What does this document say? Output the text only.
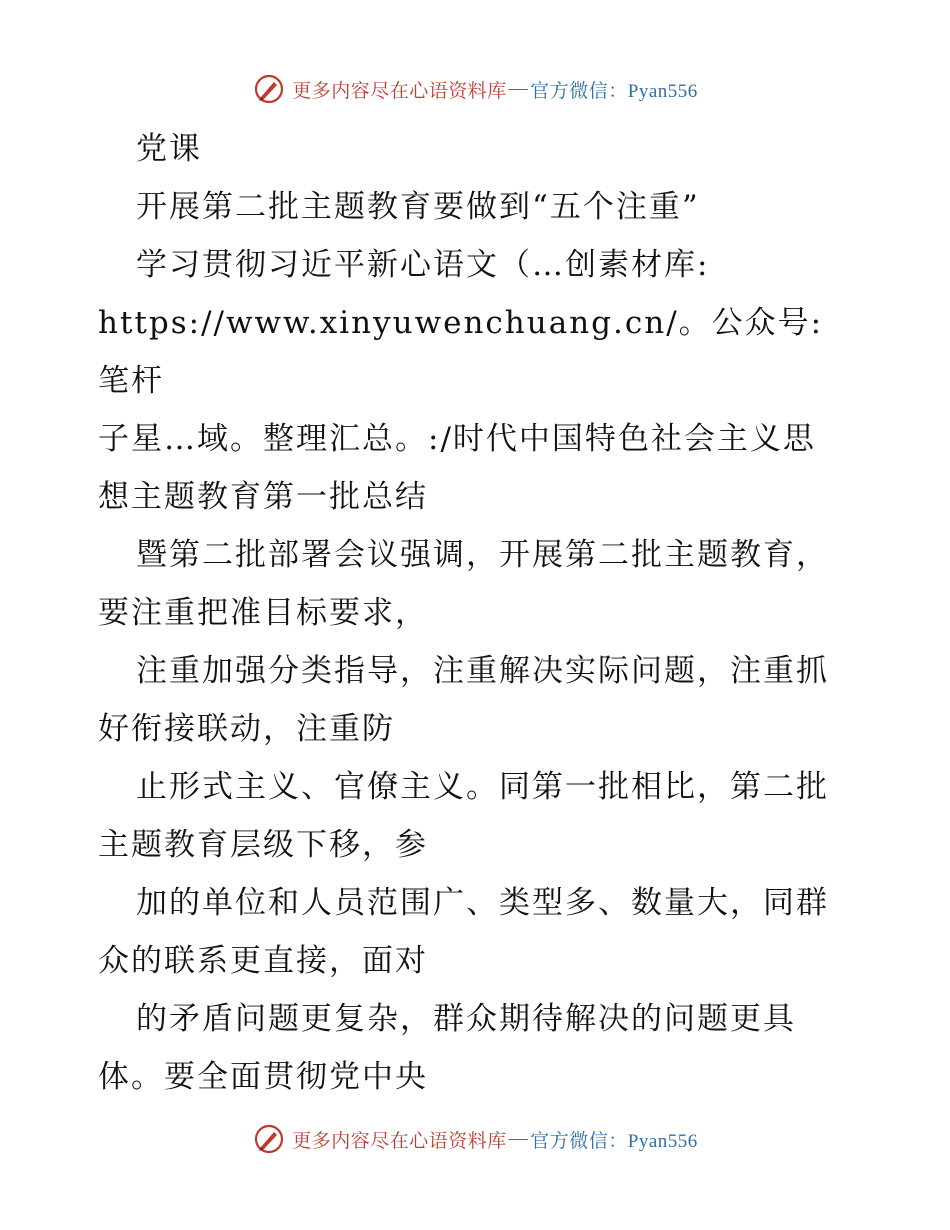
更多内容尽在心语资料库 — 官方微信：Pyan556

党课

开展第二批主题教育要做到“五个注重”

学习贯彻习近平新心语文（…创素材库:

https://www.xinyuwenchuang.cn/。公众号: 笔杆

子星…域。整理汇总。:/时代中国特色社会主义思

想主题教育第一批总结

暨第二批部署会议强调，开展第二批主题教育，

要注重把准目标要求，

注重加强分类指导，注重解决实际问题，注重抓

好衔接联动，注重防

止形式主义、官僚主义。同第一批相比，第二批

主题教育层级下移，参

加的单位和人员范围广、类型多、数量大，同群

众的联系更直接，面对

的矛盾问题更复杂，群众期待解决的问题更具

体。要全面贯彻党中央

更多内容尽在心语资料库 — 官方微信：Pyan556
